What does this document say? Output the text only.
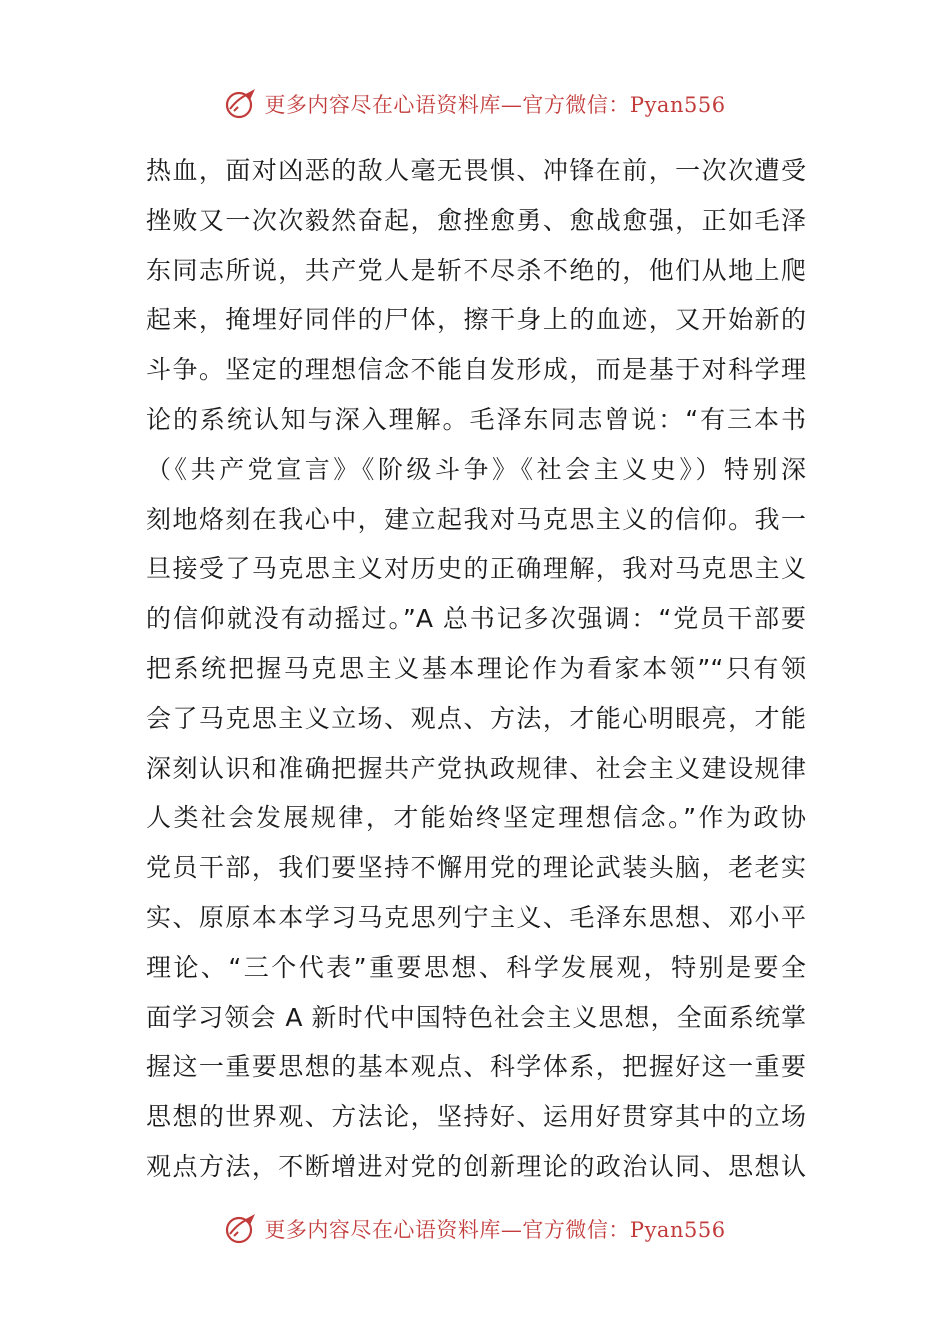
更多内容尽在心语资料库—官方微信：Pyan556
热血，面对凶恶的敌人毫无畏惧、冲锋在前，一次次遭受
挫败又一次次毅然奋起，愈挫愈勇、愈战愈强，正如毛泽
东同志所说，共产党人是斩不尽杀不绝的，他们从地上爬
起来，掩埋好同伴的尸体，擦干身上的血迹，又开始新的
斗争。坚定的理想信念不能自发形成，而是基于对科学理
论的系统认知与深入理解。毛泽东同志曾说：“有三本书
（《共产党宣言》《阶级斗争》《社会主义史》）特别深
刻地烙刻在我心中，建立起我对马克思主义的信仰。我一
旦接受了马克思主义对历史的正确理解，我对马克思主义
的信仰就没有动摇过。”A 总书记多次强调：“党员干部要
把系统把握马克思主义基本理论作为看家本领”“只有领
会了马克思主义立场、观点、方法，才能心明眼亮，才能
深刻认识和准确把握共产党执政规律、社会主义建设规律
人类社会发展规律，才能始终坚定理想信念。”作为政协
党员干部，我们要坚持不懈用党的理论武装头脑，老老实
实、原原本本学习马克思列宁主义、毛泽东思想、邓小平
理论、“三个代表”重要思想、科学发展观，特别是要全
面学习领会 A 新时代中国特色社会主义思想，全面系统掌
握这一重要思想的基本观点、科学体系，把握好这一重要
思想的世界观、方法论，坚持好、运用好贯穿其中的立场
观点方法，不断增进对党的创新理论的政治认同、思想认
更多内容尽在心语资料库—官方微信：Pyan556
